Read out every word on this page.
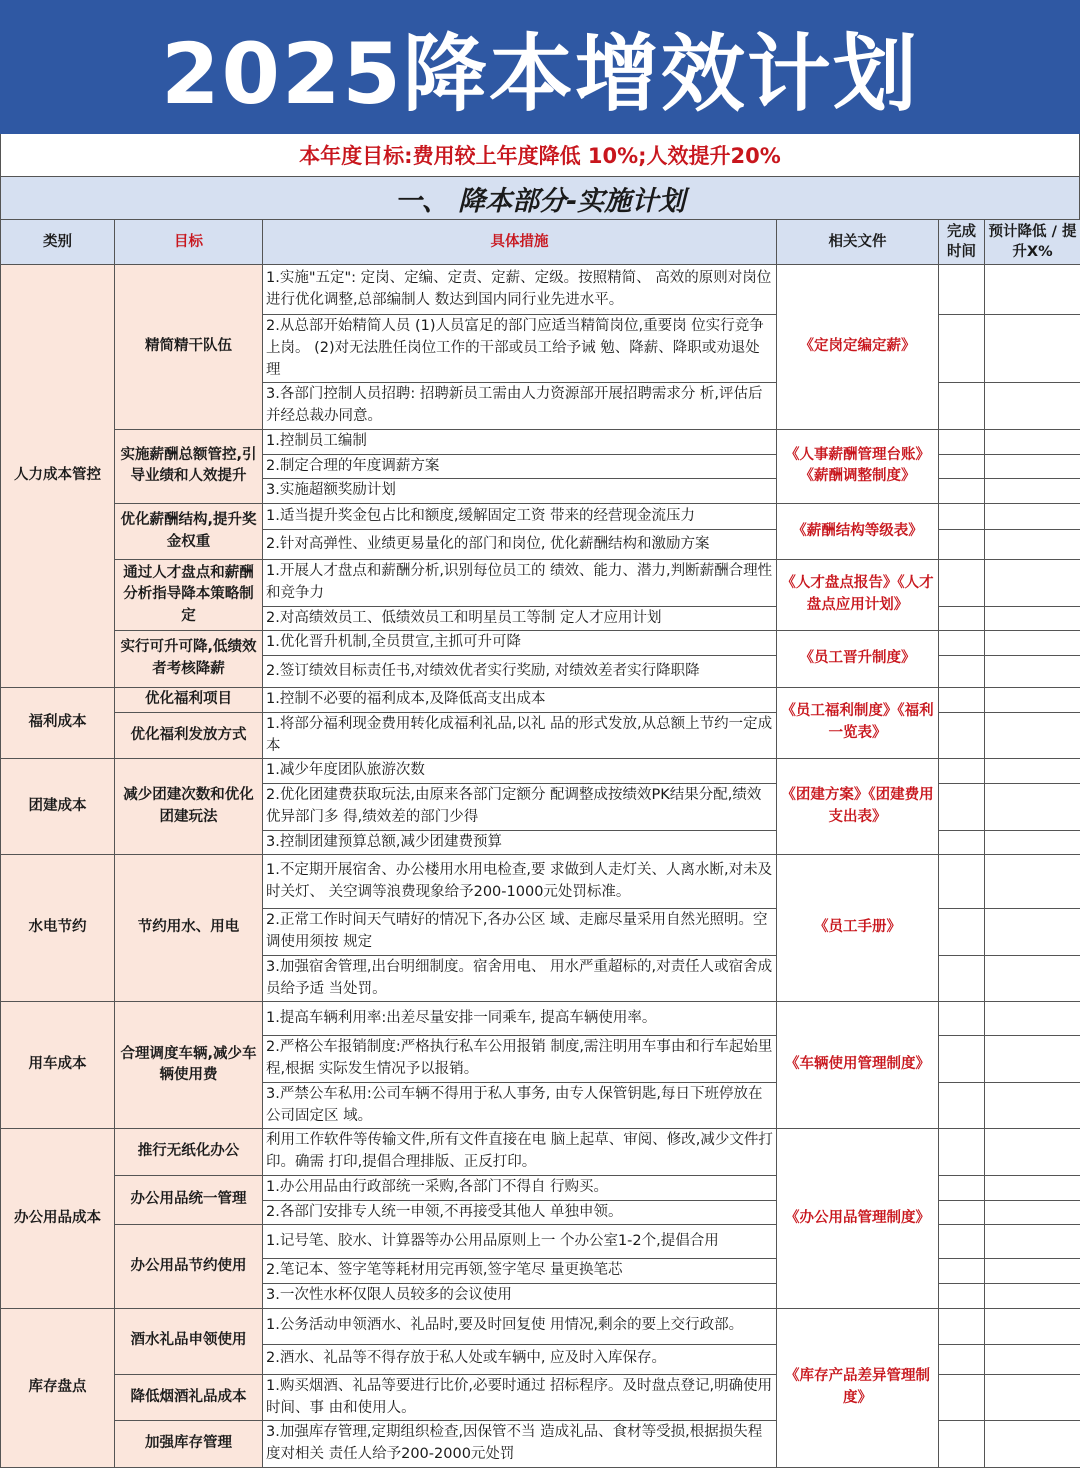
2025降本增效计划
本年度目标:费用较上年度降低 10%;人效提升20%
一、 降本部分-实施计划
类别	目标	具体措施	相关文件	完成时间	预计降低 / 提 升X%
人力成本管控	精简精干队伍	1.实施"五定": 定岗、定编、定责、定薪、定级。按照精简、 高效的原则对岗位进行优化调整,总部编制人 数达到国内同行业先进水平。	《定岗定编定薪》		
		2.从总部开始精简人员 (1)人员富足的部门应适当精简岗位,重要岗 位实行竞争上岗。 (2)对无法胜任岗位工作的干部或员工给予诫 勉、降薪、降职或劝退处理			
		3.各部门控制人员招聘: 招聘新员工需由人力资源部开展招聘需求分 析,评估后并经总裁办同意。			
	实施薪酬总额管控,引导业绩和人效提升	1.控制员工编制	《人事薪酬管理台账》《薪酬调整制度》		
		2.制定合理的年度调薪方案			
		3.实施超额奖励计划			
	优化薪酬结构,提升奖金权重	1.适当提升奖金包占比和额度,缓解固定工资 带来的经营现金流压力	《薪酬结构等级表》		
		2.针对高弹性、业绩更易量化的部门和岗位, 优化薪酬结构和激励方案			
	通过人才盘点和薪酬分析指导降本策略制定	1.开展人才盘点和薪酬分析,识别每位员工的 绩效、能力、潜力,判断薪酬合理性和竞争力	《人才盘点报告》《人才盘点应用计划》		
		2.对高绩效员工、低绩效员工和明星员工等制 定人才应用计划			
	实行可升可降,低绩效者考核降薪	1.优化晋升机制,全员贯宣,主抓可升可降	《员工晋升制度》		
		2.签订绩效目标责任书,对绩效优者实行奖励, 对绩效差者实行降职降			
福利成本	优化福利项目	1.控制不必要的福利成本,及降低高支出成本	《员工福利制度》《福利一览表》		
	优化福利发放方式	1.将部分福利现金费用转化成福利礼品,以礼 品的形式发放,从总额上节约一定成本			
团建成本	减少团建次数和优化团建玩法	1.减少年度团队旅游次数	《团建方案》《团建费用支出表》		
		2.优化团建费获取玩法,由原来各部门定额分 配调整成按绩效PK结果分配,绩效优异部门多 得,绩效差的部门少得			
		3.控制团建预算总额,减少团建费预算			
水电节约	节约用水、用电	1.不定期开展宿舍、办公楼用水用电检查,要 求做到人走灯关、人离水断,对未及时关灯、 关空调等浪费现象给予200-1000元处罚标准。	《员工手册》		
		2.正常工作时间天气晴好的情况下,各办公区 域、走廊尽量采用自然光照明。空调使用须按 规定			
		3.加强宿舍管理,出台明细制度。宿舍用电、 用水严重超标的,对责任人或宿舍成员给予适 当处罚。			
用车成本	合理调度车辆,减少车辆使用费	1.提高车辆利用率:出差尽量安排一同乘车, 提高车辆使用率。	《车辆使用管理制度》		
		2.严格公车报销制度:严格执行私车公用报销 制度,需注明用车事由和行车起始里程,根据 实际发生情况予以报销。			
		3.严禁公车私用:公司车辆不得用于私人事务, 由专人保管钥匙,每日下班停放在公司固定区 域。			
办公用品成本	推行无纸化办公	利用工作软件等传输文件,所有文件直接在电 脑上起草、审阅、修改,减少文件打印。确需 打印,提倡合理排版、正反打印。	《办公用品管理制度》		
	办公用品统一管理	1.办公用品由行政部统一采购,各部门不得自 行购买。			
		2.各部门安排专人统一申领,不再接受其他人 单独申领。			
	办公用品节约使用	1.记号笔、胶水、计算器等办公用品原则上一 个办公室1-2个,提倡合用			
		2.笔记本、签字笔等耗材用完再领,签字笔尽 量更换笔芯			
		3.一次性水杯仅限人员较多的会议使用			
库存盘点	酒水礼品申领使用	1.公务活动申领酒水、礼品时,要及时回复使 用情况,剩余的要上交行政部。	《库存产品差异管理制度》		
		2.酒水、礼品等不得存放于私人处或车辆中, 应及时入库保存。			
	降低烟酒礼品成本	1.购买烟酒、礼品等要进行比价,必要时通过 招标程序。及时盘点登记,明确使用时间、事 由和使用人。			
	加强库存管理	3.加强库存管理,定期组织检查,因保管不当 造成礼品、食材等受损,根据损失程度对相关 责任人给予200-2000元处罚			
